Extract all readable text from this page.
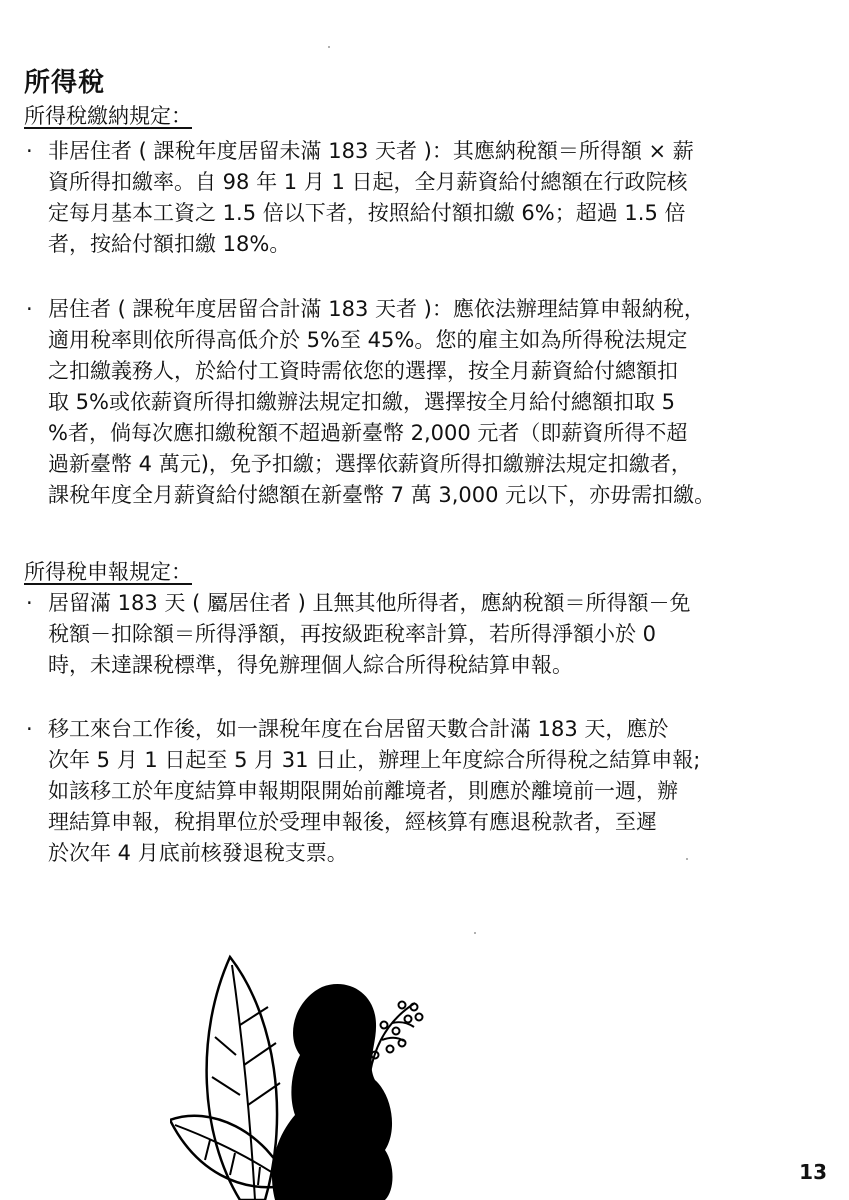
所得稅
所得稅繳納規定：
· 非居住者 ( 課稅年度居留未滿 183 天者 )：其應納稅額＝所得額 × 薪
資所得扣繳率。自 98 年 1 月 1 日起，全月薪資給付總額在行政院核
定每月基本工資之 1.5 倍以下者，按照給付額扣繳 6%；超過 1.5 倍
者，按給付額扣繳 18%。
· 居住者 ( 課稅年度居留合計滿 183 天者 )：應依法辦理結算申報納稅，
適用稅率則依所得高低介於 5%至 45%。您的雇主如為所得稅法規定
之扣繳義務人，於給付工資時需依您的選擇，按全月薪資給付總額扣
取 5%或依薪資所得扣繳辦法規定扣繳，選擇按全月給付總額扣取 5
%者，倘每次應扣繳稅額不超過新臺幣 2,000 元者（即薪資所得不超
過新臺幣 4 萬元)，免予扣繳；選擇依薪資所得扣繳辦法規定扣繳者，
課稅年度全月薪資給付總額在新臺幣 7 萬 3,000 元以下，亦毋需扣繳。
所得稅申報規定：
· 居留滿 183 天 ( 屬居住者 ) 且無其他所得者，應納稅額＝所得額－免
稅額－扣除額＝所得淨額，再按級距稅率計算，若所得淨額小於 0
時，未達課稅標準，得免辦理個人綜合所得稅結算申報。
· 移工來台工作後，如一課稅年度在台居留天數合計滿 183 天，應於
次年 5 月 1 日起至 5 月 31 日止，辦理上年度綜合所得稅之結算申報;
如該移工於年度結算申報期限開始前離境者，則應於離境前一週，辦
理結算申報，稅捐單位於受理申報後，經核算有應退稅款者，至遲
於次年 4 月底前核發退稅支票。
13
